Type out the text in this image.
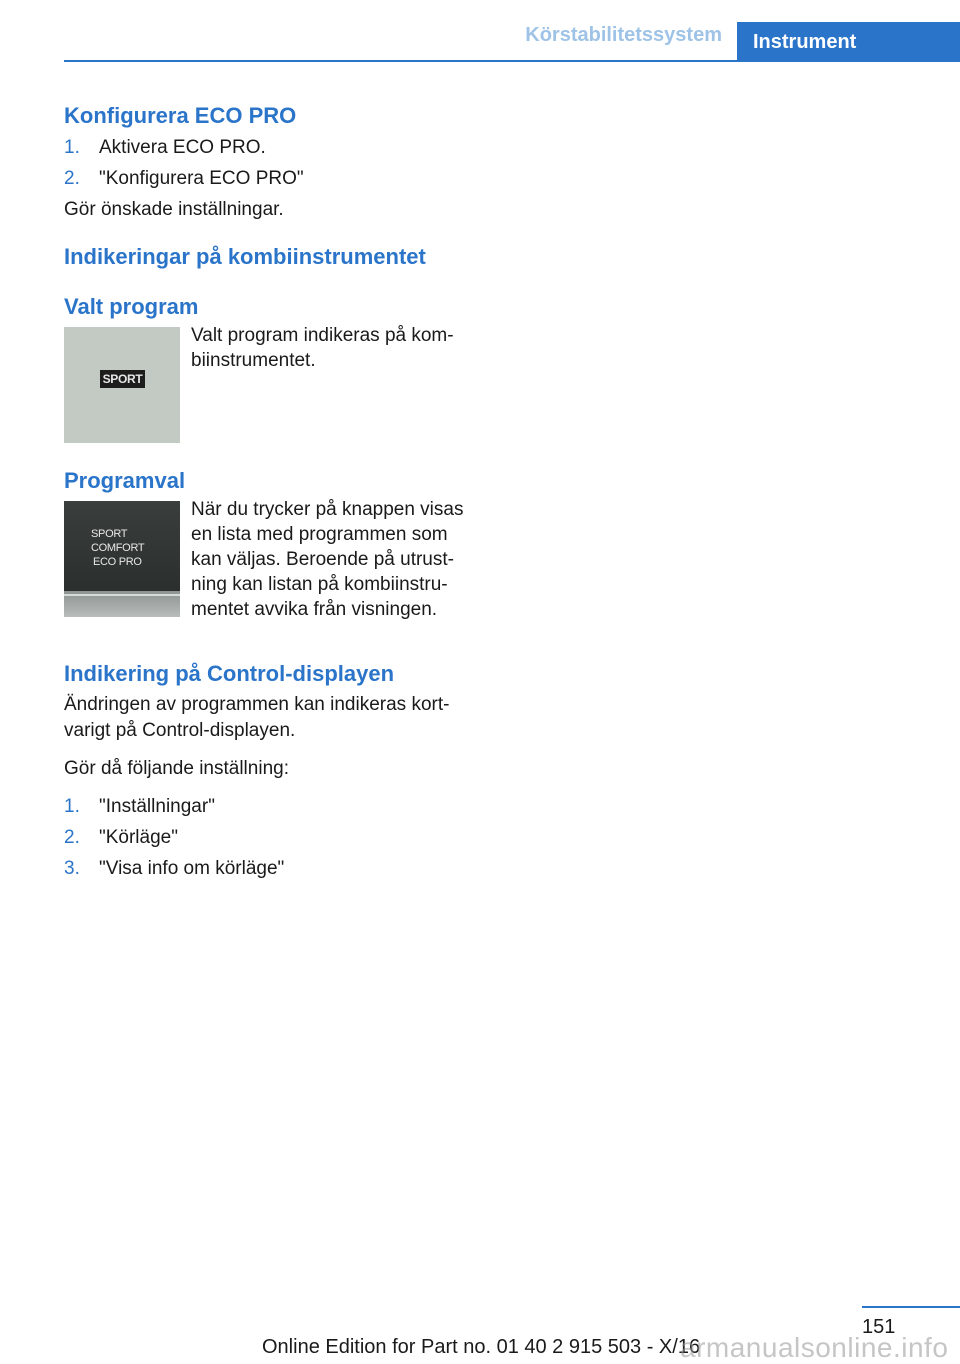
Körstabilitetssystem	Instrument
Konfigurera ECO PRO
1. Aktivera ECO PRO.
2. "Konfigurera ECO PRO"

Gör önskade inställningar.

Indikeringar på kombiinstrumentet
Valt program
SPORT
Valt program indikeras på kom‐ biinstrumentet.
Programval
SPORT
COMFORT
ECO PRO
När du trycker på knappen visas en lista med programmen som kan väljas. Beroende på utrust‐ ning kan listan på kombiinstru‐ mentet avvika från visningen.
Indikering på Control-displayen

Ändringen av programmen kan indikeras kort‐ varigt på Control-displayen.

Gör då följande inställning:

1. "Inställningar"
2. "Körläge"
3. "Visa info om körläge"
151
Online Edition for Part no. 01 40 2 915 503 - X/16
armanualsonline.info
